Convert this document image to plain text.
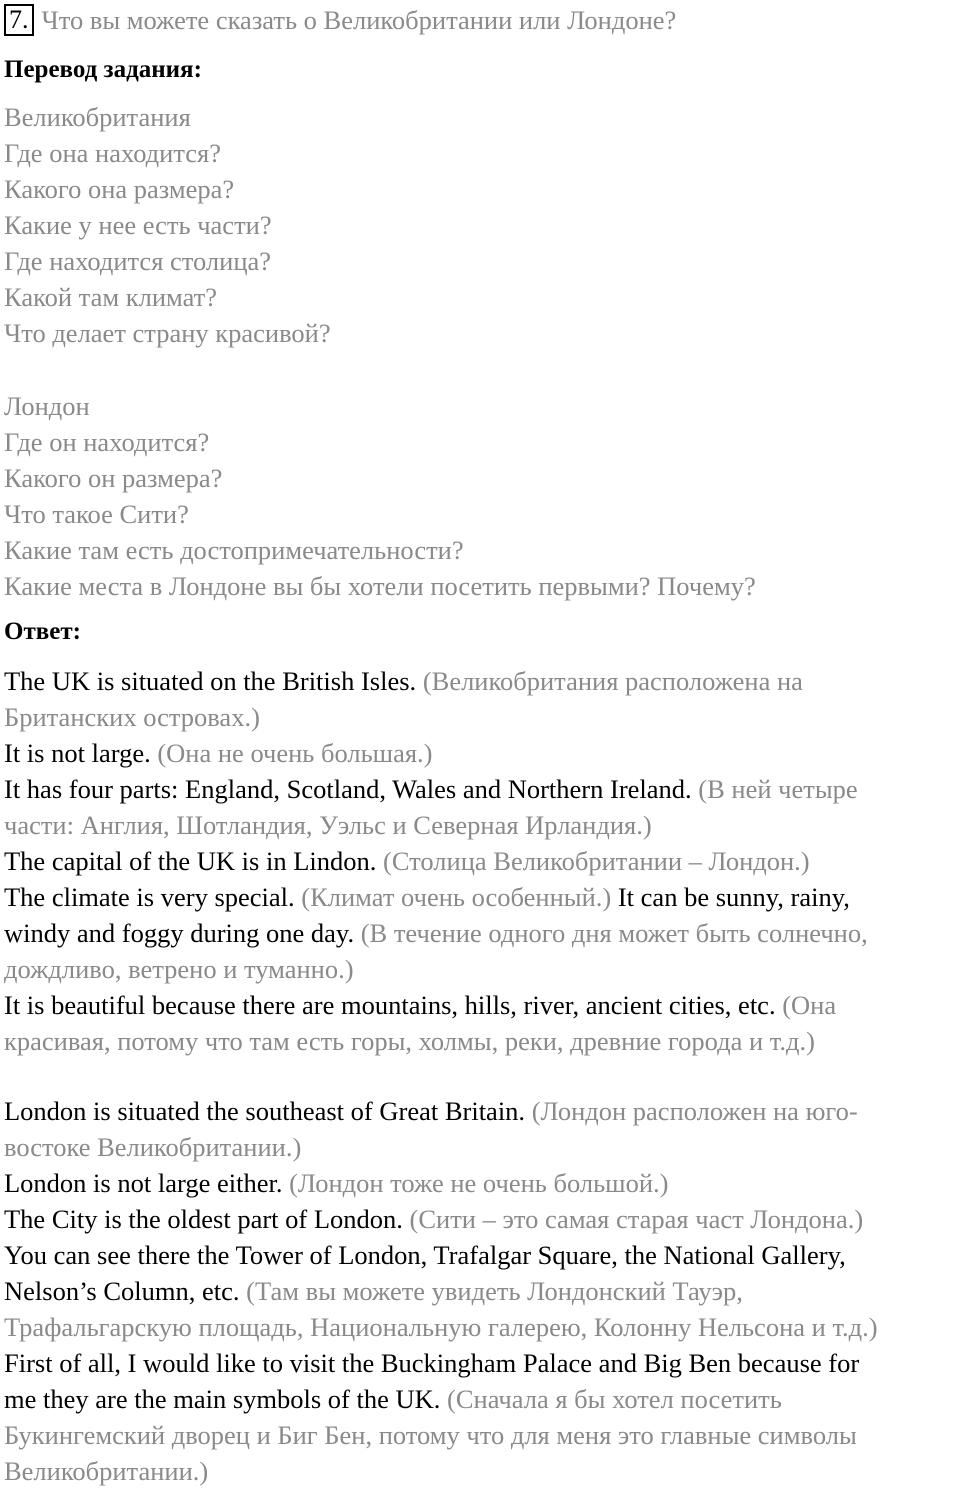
7. Что вы можете сказать о Великобритании или Лондоне?
Перевод задания:
Великобритания
Где она находится?
Какого она размера?
Какие у нее есть части?
Где находится столица?
Какой там климат?
Что делает страну красивой?
Лондон
Где он находится?
Какого он размера?
Что такое Сити?
Какие там есть достопримечательности?
Какие места в Лондоне вы бы хотели посетить первыми? Почему?
Ответ:
The UK is situated on the British Isles. (Великобритания расположена на
Британских островах.)
It is not large. (Она не очень большая.)
It has four parts: England, Scotland, Wales and Northern Ireland. (В ней четыре
части: Англия, Шотландия, Уэльс и Северная Ирландия.)
The capital of the UK is in Lindon. (Столица Великобритании – Лондон.)
The climate is very special. (Климат очень особенный.) It can be sunny, rainy,
windy and foggy during one day. (В течение одного дня может быть солнечно,
дождливо, ветрено и туманно.)
It is beautiful because there are mountains, hills, river, ancient cities, etc. (Она
красивая, потому что там есть горы, холмы, реки, древние города и т.д.)
London is situated the southeast of Great Britain. (Лондон расположен на юго-
востоке Великобритании.)
London is not large either. (Лондон тоже не очень большой.)
The City is the oldest part of London. (Сити – это самая старая част Лондона.)
You can see there the Tower of London, Trafalgar Square, the National Gallery,
Nelson’s Column, etc. (Там вы можете увидеть Лондонский Тауэр,
Трафальгарскую площадь, Национальную галерею, Колонну Нельсона и т.д.)
First of all, I would like to visit the Buckingham Palace and Big Ben because for
me they are the main symbols of the UK. (Сначала я бы хотел посетить
Букингемский дворец и Биг Бен, потому что для меня это главные символы
Великобритании.)
